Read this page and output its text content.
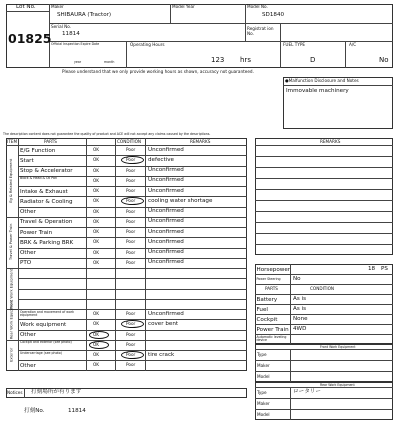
Lot No.
01825
Maker
SHIBAURA (Tractor)
Model Year	Model No.
SD1840
Serial No.
11814
Registrat ion No.
Official Inspection Expire Date
year	month
Operating Hours
123 hrs
FUEL TYPE
D
A/C
No
Please understand that we only provide working hours as shown, accuracy not guaranteed.
●Malfunction Disclosure and Notes
Immovable machinery
The description content does not guarantee the quality of product and ACE will not accept any claims caused by the descriptions.
ITEM	PARTS	CONDITION	REMARKS
Eg & Related Equipment
Travel & Power Train
Front Work Equipment
Rear Work Equipment
Exterior
E/G Function	OK	Poor Unconfirmed
Start	OK	Poor defective
Stop & Accelerator	OK	Poor Unconfirmed
Block & Head & Oil Pan	OK	Poor Unconfirmed
Intake & Exhaust	OK	Poor Unconfirmed
Radiator & Cooling	OK	Poor cooling water shortage
Other	OK	Poor Unconfirmed
Travel & Operation	OK	Poor Unconfirmed
Power Train	OK	Poor Unconfirmed
BRK & Parking BRK	OK	Poor Unconfirmed
Other	OK	Poor Unconfirmed
PTO	OK	Poor Unconfirmed
Operation and movement of work equipment	OK	Poor Unconfirmed
Work equipment	OK	Poor cover bent
Other	OK	Poor
Cockpit and exterior (see photo)	OK	Poor
Undercarriage (see photo)	OK	Poor tire crack
Other	OK	Poor
Notices 打刻場所が有ります
打刻No.	11814
REMARKS
Horsepower	18 PS
Power Steering	No
PARTS	CONDITION
Battery	As is
Fuel	As is
Cockpit	None
Power Train 4WD
Automatic leveling device
Front Work Equipment
Type
Maker
Model
Rear Work Equipment
Type	ロータリー
Maker
Model
